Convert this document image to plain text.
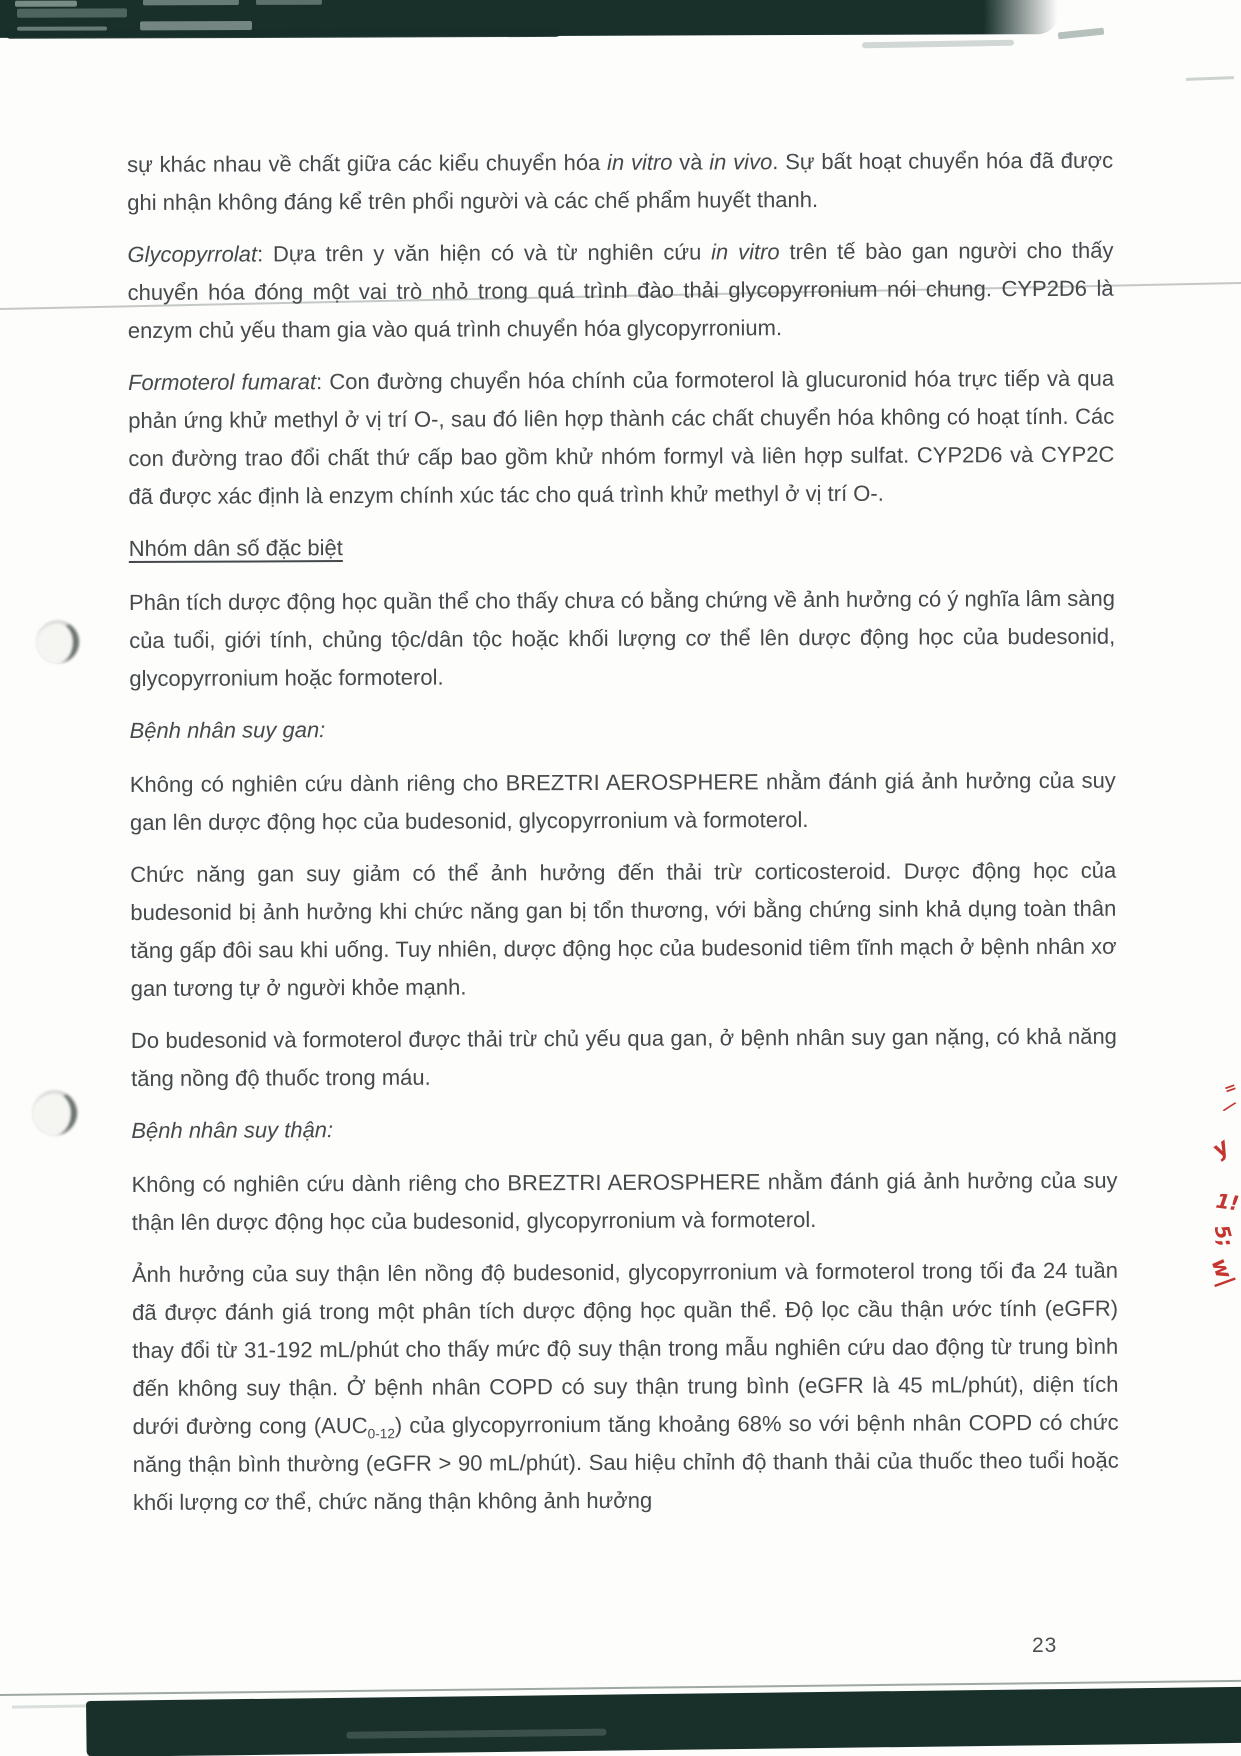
sự khác nhau về chất giữa các kiểu chuyển hóa in vitro và in vivo. Sự bất hoạt chuyển hóa đã được ghi nhận không đáng kể trên phổi người và các chế phẩm huyết thanh.

Glycopyrrolat: Dựa trên y văn hiện có và từ nghiên cứu in vitro trên tế bào gan người cho thấy chuyển hóa đóng một vai trò nhỏ trong quá trình đào thải glycopyrronium nói chung. CYP2D6 là enzym chủ yếu tham gia vào quá trình chuyển hóa glycopyrronium.

Formoterol fumarat: Con đường chuyển hóa chính của formoterol là glucuronid hóa trực tiếp và qua phản ứng khử methyl ở vị trí O-, sau đó liên hợp thành các chất chuyển hóa không có hoạt tính. Các con đường trao đổi chất thứ cấp bao gồm khử nhóm formyl và liên hợp sulfat. CYP2D6 và CYP2C đã được xác định là enzym chính xúc tác cho quá trình khử methyl ở vị trí O-.

Nhóm dân số đặc biệt

Phân tích dược động học quần thể cho thấy chưa có bằng chứng về ảnh hưởng có ý nghĩa lâm sàng của tuổi, giới tính, chủng tộc/dân tộc hoặc khối lượng cơ thể lên dược động học của budesonid, glycopyrronium hoặc formoterol.

Bệnh nhân suy gan:

Không có nghiên cứu dành riêng cho BREZTRI AEROSPHERE nhằm đánh giá ảnh hưởng của suy gan lên dược động học của budesonid, glycopyrronium và formoterol.

Chức năng gan suy giảm có thể ảnh hưởng đến thải trừ corticosteroid. Dược động học của budesonid bị ảnh hưởng khi chức năng gan bị tổn thương, với bằng chứng sinh khả dụng toàn thân tăng gấp đôi sau khi uống. Tuy nhiên, dược động học của budesonid tiêm tĩnh mạch ở bệnh nhân xơ gan tương tự ở người khỏe mạnh.

Do budesonid và formoterol được thải trừ chủ yếu qua gan, ở bệnh nhân suy gan nặng, có khả năng tăng nồng độ thuốc trong máu.

Bệnh nhân suy thận:

Không có nghiên cứu dành riêng cho BREZTRI AEROSPHERE nhằm đánh giá ảnh hưởng của suy thận lên dược động học của budesonid, glycopyrronium và formoterol.

Ảnh hưởng của suy thận lên nồng độ budesonid, glycopyrronium và formoterol trong tối đa 24 tuần đã được đánh giá trong một phân tích dược động học quần thể. Độ lọc cầu thận ước tính (eGFR) thay đổi từ 31-192 mL/phút cho thấy mức độ suy thận trong mẫu nghiên cứu dao động từ trung bình đến không suy thận. Ở bệnh nhân COPD có suy thận trung bình (eGFR là 45 mL/phút), diện tích dưới đường cong $(AUC_{0-12})$ của glycopyrronium tăng khoảng 68% so với bệnh nhân COPD có chức năng thận bình thường (eGFR > 90 mL/phút). Sau hiệu chỉnh độ thanh thải của thuốc theo tuổi hoặc khối lượng cơ thể, chức năng thận không ảnh hưởng

23
=
/
y
1!
5;
w|
